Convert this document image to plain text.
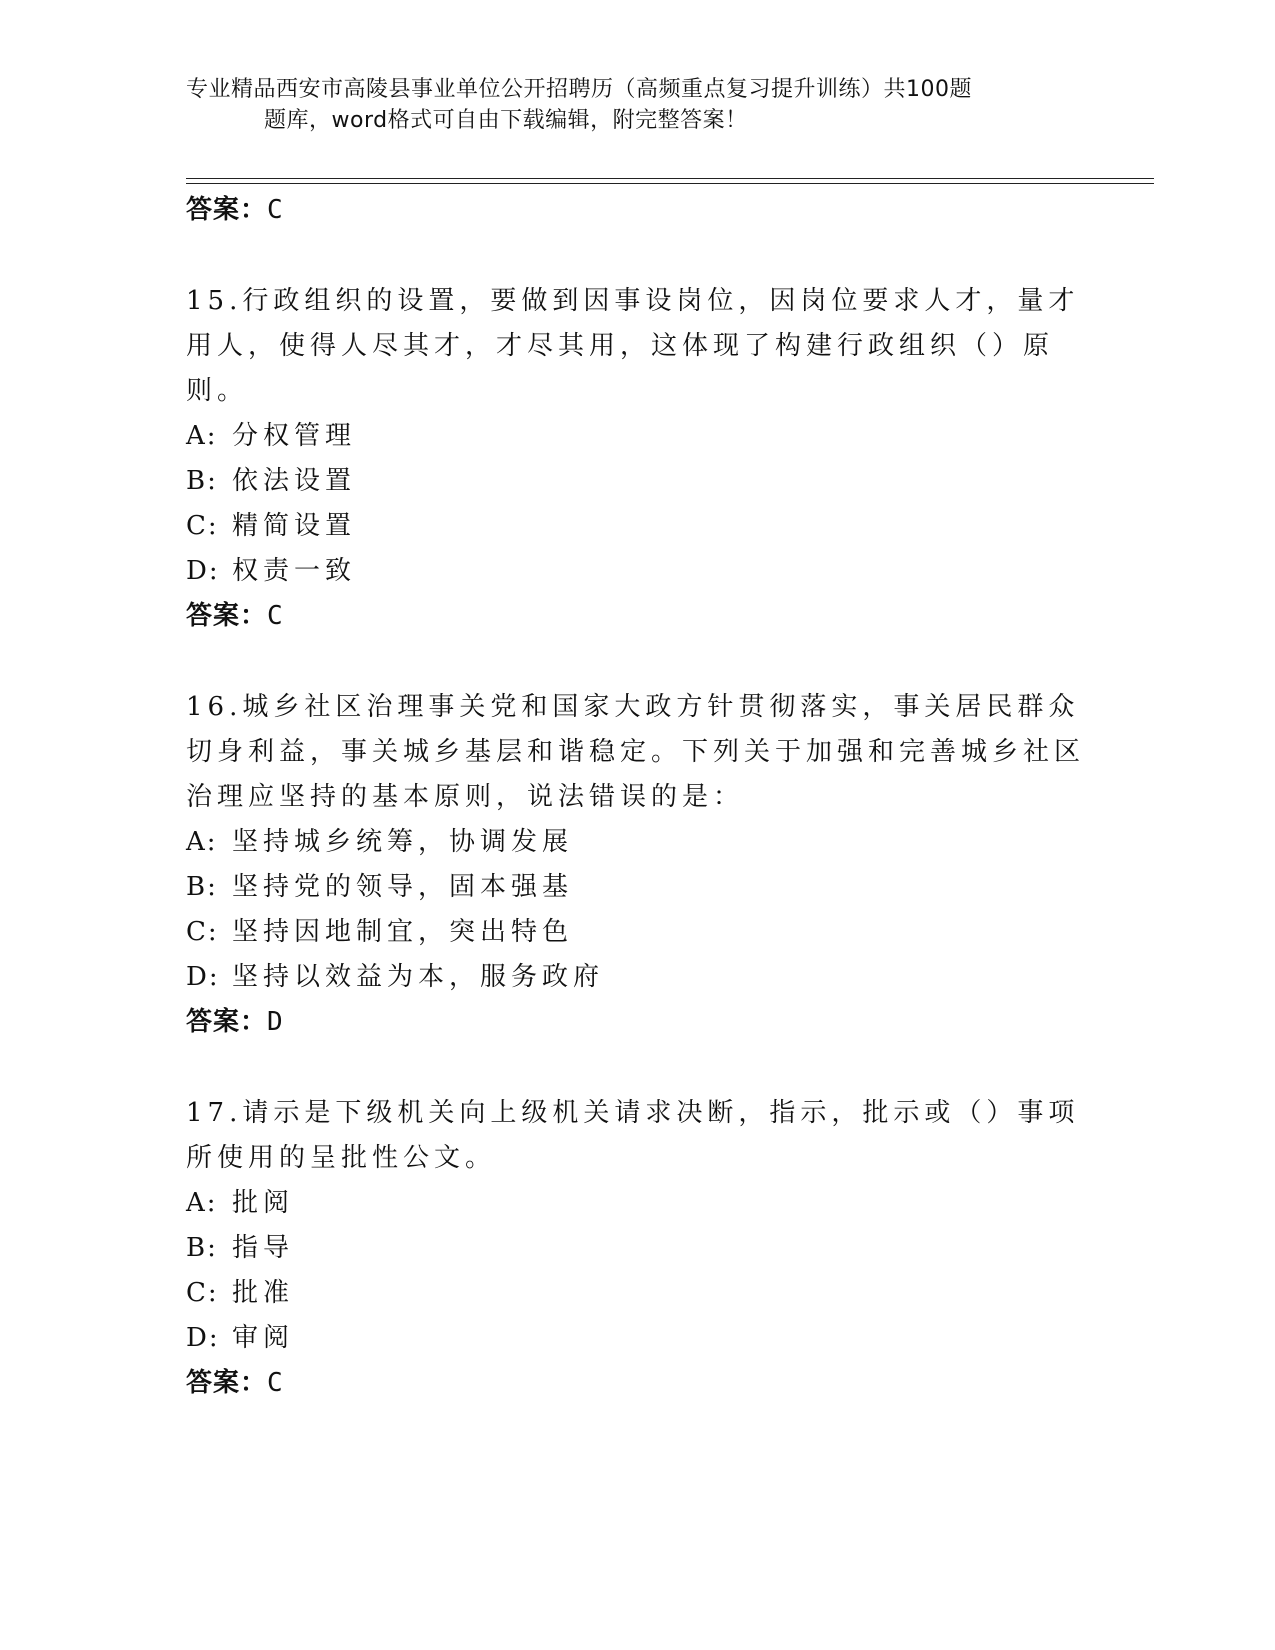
专业精品西安市高陵县事业单位公开招聘历（高频重点复习提升训练）共100题
题库，word格式可自由下载编辑，附完整答案！
答案：C
15.行政组织的设置，要做到因事设岗位，因岗位要求人才，量才用人，使得人尽其才，才尽其用，这体现了构建行政组织（）原则。
A: 分权管理
B: 依法设置
C: 精简设置
D: 权责一致
答案：C
16.城乡社区治理事关党和国家大政方针贯彻落实，事关居民群众切身利益，事关城乡基层和谐稳定。下列关于加强和完善城乡社区治理应坚持的基本原则，说法错误的是：
A: 坚持城乡统筹，协调发展
B: 坚持党的领导，固本强基
C: 坚持因地制宜，突出特色
D: 坚持以效益为本，服务政府
答案：D
17.请示是下级机关向上级机关请求决断，指示，批示或（）事项所使用的呈批性公文。
A: 批阅
B: 指导
C: 批准
D: 审阅
答案：C
